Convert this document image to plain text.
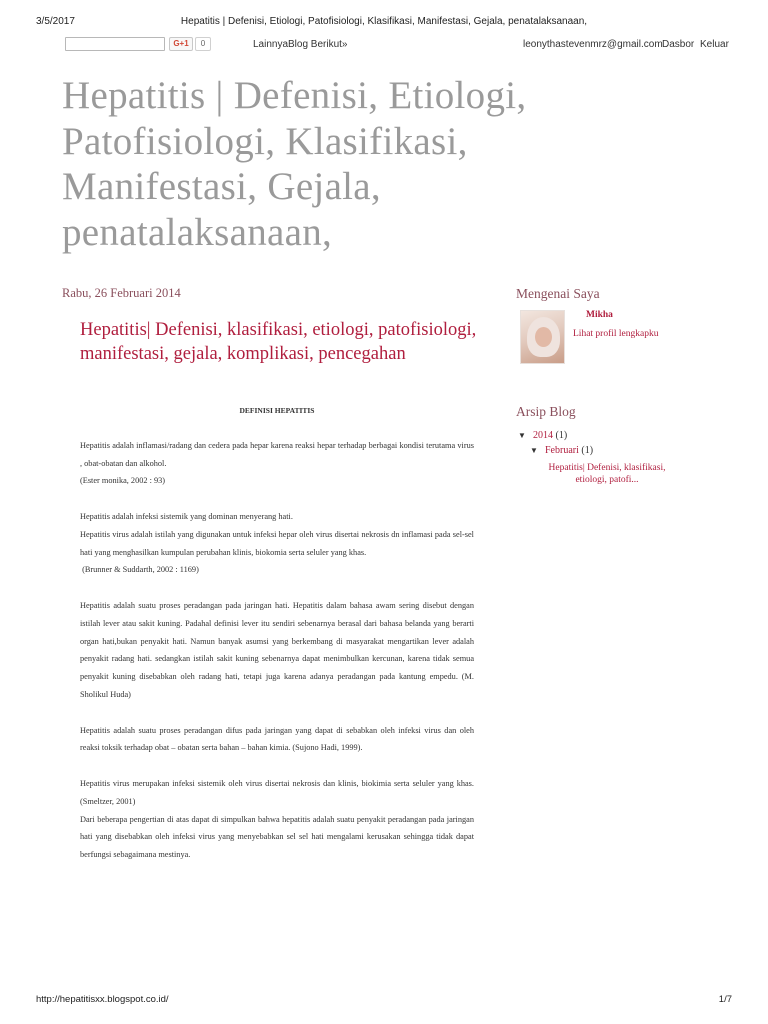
3/5/2017	Hepatitis | Defenisi, Etiologi, Patofisiologi, Klasifikasi, Manifestasi, Gejala, penatalaksanaan,
G+1	0	Lainnya Blog Berikut»	leonythastevenmrz@gmail.com Dasbor Keluar
Hepatitis | Defenisi, Etiologi, Patofisiologi, Klasifikasi, Manifestasi, Gejala, penatalaksanaan,
Rabu, 26 Februari 2014
Hepatitis| Defenisi, klasifikasi, etiologi, patofisiologi, manifestasi, gejala, komplikasi, pencegahan
DEFINISI HEPATITIS

Hepatitis adalah inflamasi/radang dan cedera pada hepar karena reaksi hepar terhadap berbagai kondisi terutama virus , obat-obatan dan alkohol.

(Ester monika, 2002 : 93)

Hepatitis adalah infeksi sistemik yang dominan menyerang hati.

Hepatitis virus adalah istilah yang digunakan untuk infeksi hepar oleh virus disertai nekrosis dn inflamasi pada sel-sel hati yang menghasilkan kumpulan perubahan klinis, biokomia serta seluler yang khas.

(Brunner & Suddarth, 2002 : 1169)

Hepatitis adalah suatu proses peradangan pada jaringan hati. Hepatitis dalam bahasa awam sering disebut dengan istilah lever atau sakit kuning. Padahal definisi lever itu sendiri sebenarnya berasal dari bahasa belanda yang berarti organ hati,bukan penyakit hati. Namun banyak asumsi yang berkembang di masyarakat mengartikan lever adalah penyakit radang hati. sedangkan istilah sakit kuning sebenarnya dapat menimbulkan kercunan, karena tidak semua penyakit kuning disebabkan oleh radang hati, tetapi juga karena adanya peradangan pada kantung empedu. (M. Sholikul Huda)

Hepatitis adalah suatu proses peradangan difus pada jaringan yang dapat di sebabkan oleh infeksi virus dan oleh reaksi toksik terhadap obat – obatan serta bahan – bahan kimia. (Sujono Hadi, 1999).

Hepatitis virus merupakan infeksi sistemik oleh virus disertai nekrosis dan klinis, biokimia serta seluler yang khas. (Smeltzer, 2001)

Dari beberapa pengertian di atas dapat di simpulkan bahwa hepatitis adalah suatu penyakit peradangan pada jaringan hati yang disebabkan oleh infeksi virus yang menyebabkan sel sel hati mengalami kerusakan sehingga tidak dapat berfungsi sebagaimana mestinya.

Mengenai Saya
Mikha
Lihat profil lengkapku
Arsip Blog
▼ 2014 (1)
▼ Februari (1)
Hepatitis| Defenisi, klasifikasi, etiologi, patofi...
http://hepatitisxx.blogspot.co.id/	1/7
